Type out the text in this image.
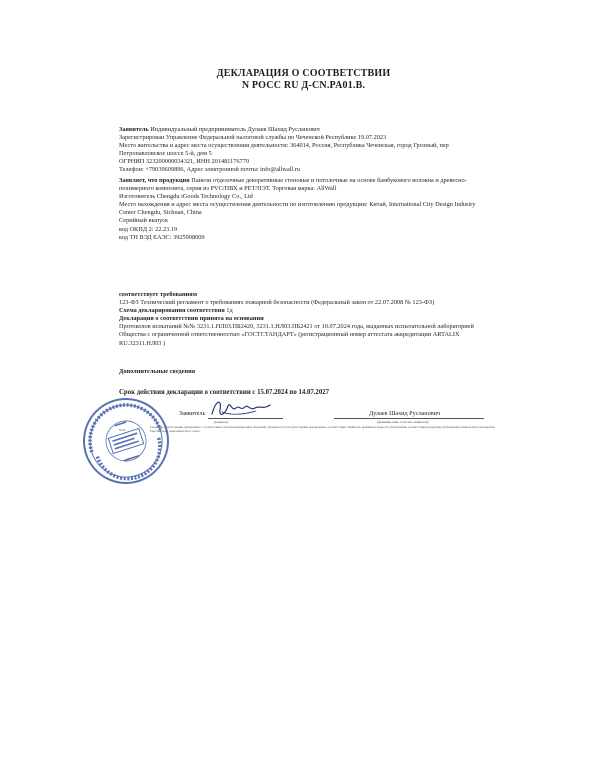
ДЕКЛАРАЦИЯ О СООТВЕТСТВИИ
N РОСС RU Д-CN.PA01.B.

Заявитель Индивидуальный предприниматель Дулаев Шахид Русланович

Зарегистрирован Управление Федеральной налоговой службы по Чеченской Республике 19.07.2023

Место жительства и адрес места осуществления деятельности: 364014, Россия, Республика Чеченская, город Грозный, пер Петропавловское шоссе 5-й, дом 5

ОГРНИП 323200000034321, ИНН 201481176770

Телефон: +79039609896, Адрес электронной почты: info@allwall.ru

Заявляет, что продукция Панели отделочные декоративные стеновые и потолочные на основе бамбукового волокна и древесно-полимерного композита, серия из PVC/ПВХ и PET/ПЭТ. Торговая марка: AllWall

Изготовитель Chengdu iGoods Technology Co., Ltd

Место нахождения и адрес места осуществления деятельности по изготовлению продукции: Китай, International City Design Industry Center Chengdu, Sichuan, China

Серийный выпуск

код ОКПД 2: 22.23.19

код ТН ВЭД ЕАЭС: 3925908009

соответствует требованиям

123-ФЗ Технический регламент о требованиях пожарной безопасности (Федеральный закон от 22.07.2008 № 123-ФЗ)

Схема декларирования соответствия 1д

Декларация о соответствии принята на основании

Протоколов испытаний №№ 3231.1.НЛ03.ПБ2420, 3231.1.НЛ03.ПБ2421 от 10.07.2024 года, выданных испытательной лабораторией Общества с ограниченной ответственностью «ГОСТСТАНДАРТ» (регистрационный номер аттестата аккредитации ARTALIX RU.32311.НЛ03 )

Дополнительные сведения

Срок действия декларации о соответствии с 15.07.2024 по 14.07.2027

Заявитель	Дулаев Шахид Русланович
(подпись)	(фамилия, имя, отчество заявителя)
М.П.
Сведения о регистрации декларации о соответствии и использовании иных сведений: указывается дата регистрации декларации о соответствии. Заявитель принимает меры по обеспечению соответствия продукции требованиям технических регламентов Евразийского экономического союза.
